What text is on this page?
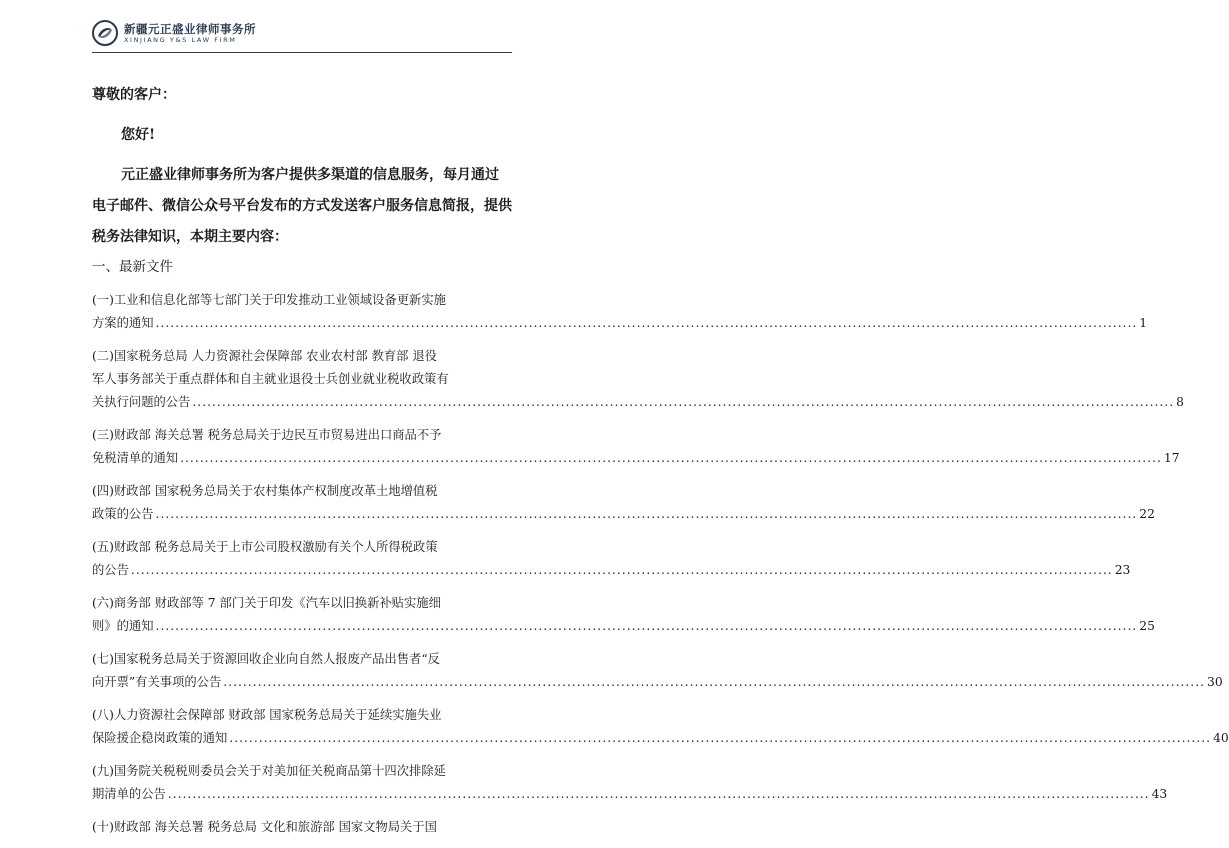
新疆元正盛业律师事务所
XINJIANG Y&S LAW FIRM
尊敬的客户：
您好!
元正盛业律师事务所为客户提供多渠道的信息服务，每月通过电子邮件、微信公众号平台发布的方式发送客户服务信息简报，提供税务法律知识，本期主要内容：
一、最新文件
(一)工业和信息化部等七部门关于印发推动工业领域设备更新实施
方案的通知 ........................................................................................................................................................................................................ 1
(二)国家税务总局 人力资源社会保障部 农业农村部 教育部 退役
军人事务部关于重点群体和自主就业退役士兵创业就业税收政策有
关执行问题的公告 ........................................................................................................................................................................................................ 8
(三)财政部 海关总署 税务总局关于边民互市贸易进出口商品不予
免税清单的通知 ........................................................................................................................................................................................................ 17
(四)财政部 国家税务总局关于农村集体产权制度改革土地增值税
政策的公告 ........................................................................................................................................................................................................ 22
(五)财政部 税务总局关于上市公司股权激励有关个人所得税政策
的公告 ........................................................................................................................................................................................................ 23
(六)商务部 财政部等 7 部门关于印发《汽车以旧换新补贴实施细
则》的通知 ........................................................................................................................................................................................................ 25
(七)国家税务总局关于资源回收企业向自然人报废产品出售者“反
向开票”有关事项的公告 ........................................................................................................................................................................................................ 30
(八)人力资源社会保障部 财政部 国家税务总局关于延续实施失业
保险援企稳岗政策的通知 ........................................................................................................................................................................................................ 40
(九)国务院关税税则委员会关于对美加征关税商品第十四次排除延
期清单的公告 ........................................................................................................................................................................................................ 43
(十)财政部 海关总署 税务总局 文化和旅游部 国家文物局关于国
